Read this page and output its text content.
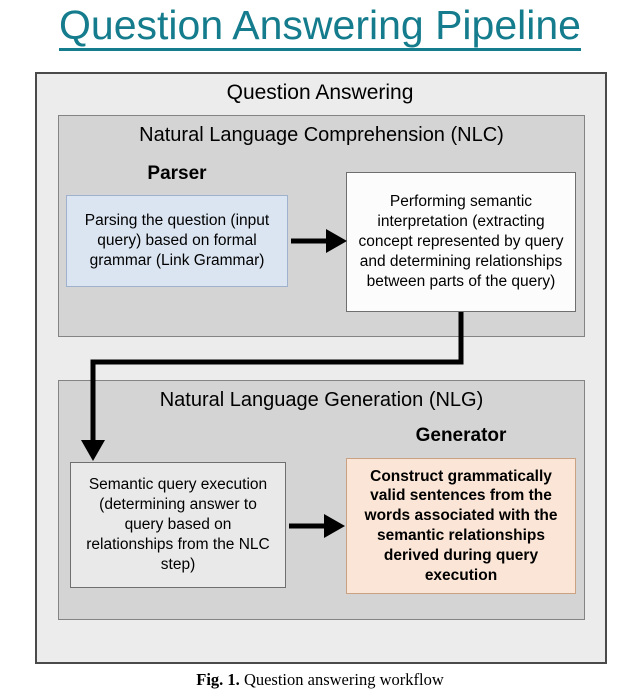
Question Answering Pipeline
Question Answering
Natural Language Comprehension (NLC)
Parser
Parsing the question (input query) based on formal grammar (Link Grammar)
Performing semantic interpretation (extracting concept represented by query and determining relationships between parts of the query)
Natural Language Generation (NLG)
Generator
Semantic query execution (determining answer to query based on relationships from the NLC step)
Construct grammatically valid sentences from the words associated with the semantic relationships derived during query execution
Fig. 1. Question answering workflow
